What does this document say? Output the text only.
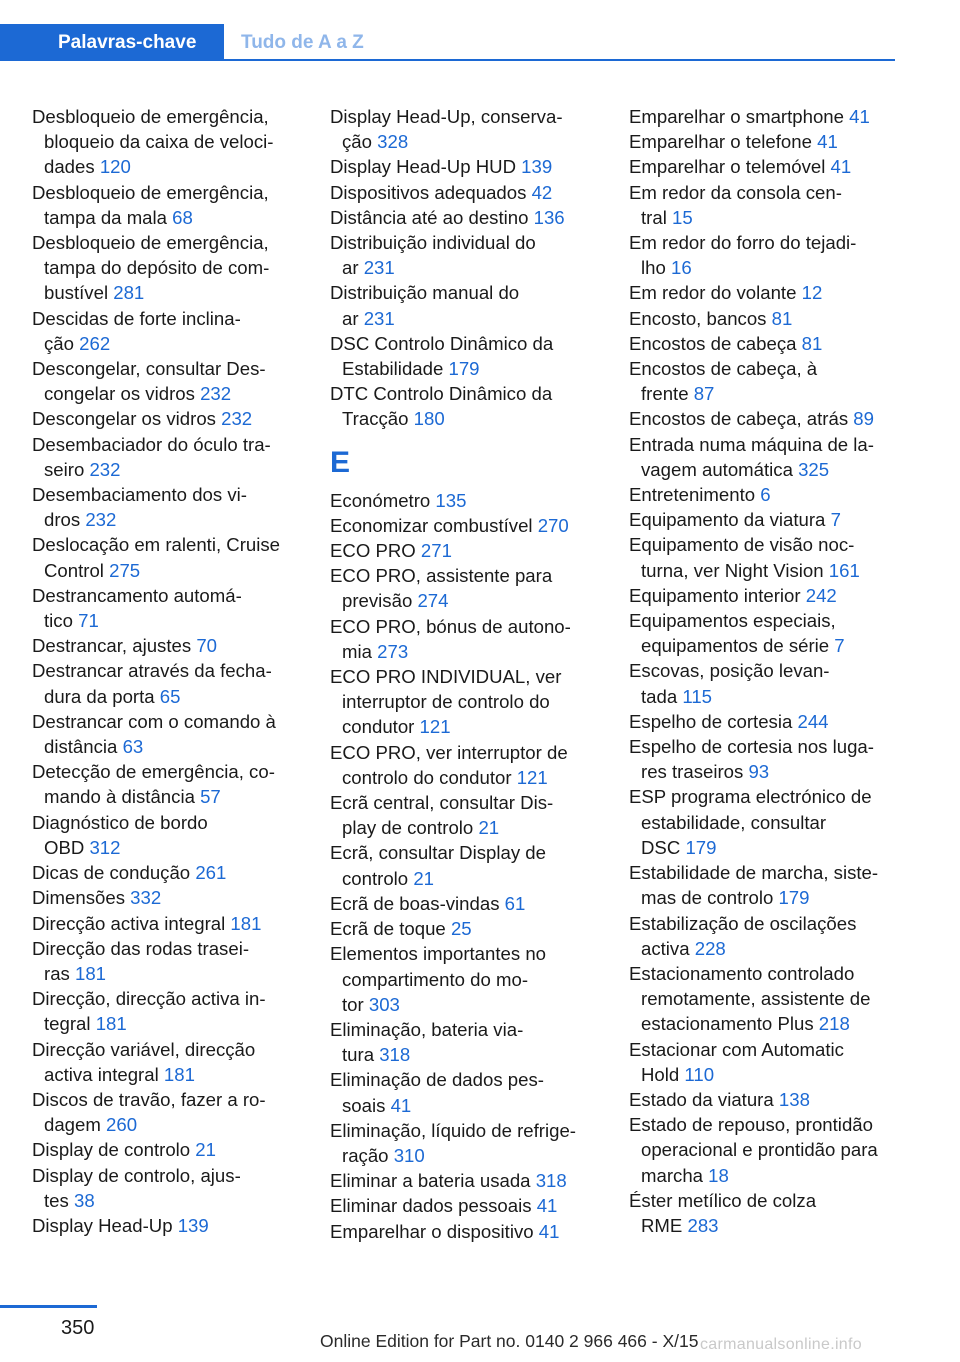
Palavras-chave	Tudo de A a Z
Desbloqueio de emergência,
bloqueio da caixa de veloci-
dades 120
Desbloqueio de emergência,
tampa da mala 68
Desbloqueio de emergência,
tampa do depósito de com-
bustível 281
Descidas de forte inclina-
ção 262
Descongelar, consultar Des-
congelar os vidros 232
Descongelar os vidros 232
Desembaciador do óculo tra-
seiro 232
Desembaciamento dos vi-
dros 232
Deslocação em ralenti, Cruise
Control 275
Destrancamento automá-
tico 71
Destrancar, ajustes 70
Destrancar através da fecha-
dura da porta 65
Destrancar com o comando à
distância 63
Detecção de emergência, co-
mando à distância 57
Diagnóstico de bordo
OBD 312
Dicas de condução 261
Dimensões 332
Direcção activa integral 181
Direcção das rodas trasei-
ras 181
Direcção, direcção activa in-
tegral 181
Direcção variável, direcção
activa integral 181
Discos de travão, fazer a ro-
dagem 260
Display de controlo 21
Display de controlo, ajus-
tes 38
Display Head-Up 139
Display Head-Up, conserva-
ção 328
Display Head-Up HUD 139
Dispositivos adequados 42
Distância até ao destino 136
Distribuição individual do
ar 231
Distribuição manual do
ar 231
DSC Controlo Dinâmico da
Estabilidade 179
DTC Controlo Dinâmico da
Tracção 180
E
Económetro 135
Economizar combustível 270
ECO PRO 271
ECO PRO, assistente para
previsão 274
ECO PRO, bónus de autono-
mia 273
ECO PRO INDIVIDUAL, ver
interruptor de controlo do
condutor 121
ECO PRO, ver interruptor de
controlo do condutor 121
Ecrã central, consultar Dis-
play de controlo 21
Ecrã, consultar Display de
controlo 21
Ecrã de boas-vindas 61
Ecrã de toque 25
Elementos importantes no
compartimento do mo-
tor 303
Eliminação, bateria via-
tura 318
Eliminação de dados pes-
soais 41
Eliminação, líquido de refrige-
ração 310
Eliminar a bateria usada 318
Eliminar dados pessoais 41
Emparelhar o dispositivo 41
Emparelhar o smartphone 41
Emparelhar o telefone 41
Emparelhar o telemóvel 41
Em redor da consola cen-
tral 15
Em redor do forro do tejadi-
lho 16
Em redor do volante 12
Encosto, bancos 81
Encostos de cabeça 81
Encostos de cabeça, à
frente 87
Encostos de cabeça, atrás 89
Entrada numa máquina de la-
vagem automática 325
Entretenimento 6
Equipamento da viatura 7
Equipamento de visão noc-
turna, ver Night Vision 161
Equipamento interior 242
Equipamentos especiais,
equipamentos de série 7
Escovas, posição levan-
tada 115
Espelho de cortesia 244
Espelho de cortesia nos luga-
res traseiros 93
ESP programa electrónico de
estabilidade, consultar
DSC 179
Estabilidade de marcha, siste-
mas de controlo 179
Estabilização de oscilações
activa 228
Estacionamento controlado
remotamente, assistente de
estacionamento Plus 218
Estacionar com Automatic
Hold 110
Estado da viatura 138
Estado de repouso, prontidão
operacional e prontidão para
marcha 18
Éster metílico de colza
RME 283
350
Online Edition for Part no. 0140 2 966 466 - X/15 carmanualsonline.info
